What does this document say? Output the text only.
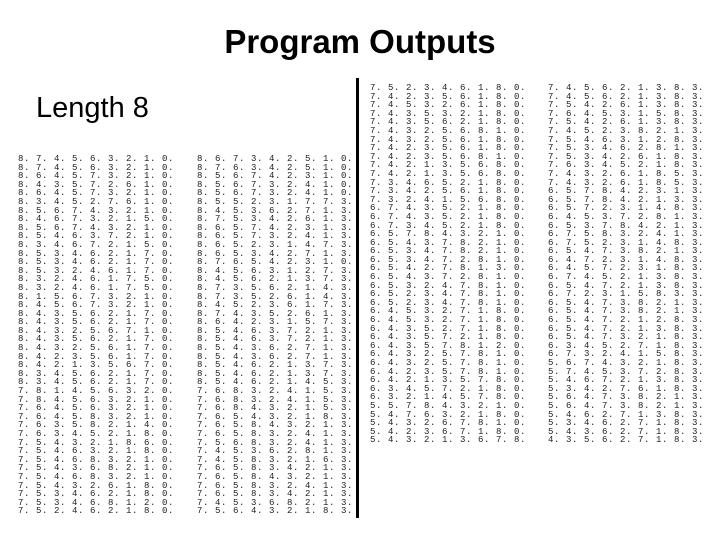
Program Outputs
Length 8
8. 7. 4. 5. 6. 3. 2. 1. 0.
8. 7. 4. 5. 6. 3. 2. 1. 0.
8. 6. 4. 5. 7. 3. 2. 1. 0.
8. 4. 3. 5. 7. 2. 6. 1. 0.
8. 6. 4. 5. 7. 3. 2. 1. 0.
8. 3. 4. 5. 2. 7. 6. 1. 0.
8. 5. 6. 7. 4. 3. 2. 1. 0.
8. 4. 6. 7. 3. 2. 1. 5. 0.
8. 5. 6. 7. 4. 3. 2. 1. 0.
8. 5. 4. 6. 3. 7. 2. 1. 0.
8. 3. 4. 6. 7. 2. 1. 5. 0.
8. 5. 3. 4. 6. 2. 1. 7. 0.
8. 5. 3. 4. 6. 2. 1. 7. 0.
8. 5. 3. 2. 4. 6. 1. 7. 0.
8. 3. 2. 4. 6. 1. 7. 5. 0.
8. 3. 2. 4. 6. 1. 7. 5. 0.
8. 1. 5. 6. 7. 3. 2. 1. 0.
8. 4. 5. 6. 7. 3. 2. 1. 0.
8. 4. 3. 5. 6. 2. 1. 7. 0.
8. 4. 3. 5. 6. 2. 1. 7. 0.
8. 4. 3. 2. 5. 6. 7. 1. 0.
8. 4. 3. 5. 6. 2. 1. 7. 0.
8. 4. 3. 2. 5. 6. 1. 7. 0.
8. 4. 2. 3. 5. 6. 1. 7. 0.
8. 4. 2. 1. 3. 5. 6. 7. 0.
8. 3. 4. 5. 6. 2. 1. 7. 0.
8. 3. 4. 5. 6. 2. 1. 7. 0.
7. 8. 1. 4. 5. 6. 3. 2. 0.
7. 8. 4. 5. 6. 3. 2. 1. 0.
7. 6. 4. 5. 6. 3. 2. 1. 0.
7. 6. 4. 5. 8. 3. 2. 1. 0.
7. 6. 3. 5. 8. 2. 1. 4. 0.
7. 6. 3. 4. 5. 2. 1. 8. 0.
7. 5. 4. 3. 2. 1. 8. 6. 0.
7. 5. 4. 6. 3. 2. 1. 8. 0.
7. 5. 4. 6. 8. 3. 2. 1. 0.
7. 5. 4. 3. 6. 8. 2. 1. 0.
7. 5. 4. 6. 8. 3. 2. 1. 0.
7. 5. 4. 3. 2. 6. 1. 8. 0.
7. 5. 3. 4. 6. 2. 1. 8. 0.
7. 5. 3. 4. 6. 8. 1. 2. 0.
7. 5. 2. 4. 6. 2. 1. 8. 0.
8. 6. 7. 3. 4. 2. 5. 1. 0.
8. 7. 6. 3. 4. 2. 5. 1. 0.
8. 5. 6. 7. 4. 2. 3. 1. 0.
8. 5. 6. 7. 3. 2. 4. 1. 0.
8. 5. 6. 7. 3. 2. 4. 1. 0.
8. 5. 5. 2. 3. 1. 7. 7. 3.
8. 4. 5. 3. 6. 2. 7. 1. 3.
8. 7. 5. 3. 4. 2. 6. 1. 3.
8. 6. 5. 7. 4. 2. 3. 1. 3.
8. 6. 5. 7. 3. 2. 4. 1. 3.
8. 6. 5. 2. 3. 1. 4. 7. 3.
8. 6. 5. 3. 4. 2. 7. 1. 3.
8. 7. 6. 5. 4. 2. 3. 1. 0.
8. 4. 5. 6. 3. 1. 2. 7. 3.
8. 4. 5. 6. 2. 1. 3. 7. 3.
8. 7. 3. 5. 6. 2. 1. 4. 3.
8. 7. 3. 5. 2. 6. 1. 4. 3.
8. 4. 5. 2. 3. 6. 1. 7. 3.
8. 7. 4. 3. 5. 2. 6. 1. 3.
8. 6. 4. 2. 3. 1. 5. 7. 3.
8. 5. 4. 6. 3. 7. 2. 1. 3.
8. 5. 4. 6. 3. 7. 2. 1. 3.
8. 5. 4. 3. 6. 2. 7. 1. 3.
8. 5. 4. 3. 6. 2. 7. 1. 3.
8. 5. 4. 6. 2. 1. 3. 7. 3.
8. 5. 4. 6. 2. 1. 3. 7. 3.
8. 5. 4. 6. 2. 1. 4. 5. 3.
7. 6. 8. 3. 2. 4. 1. 5. 3.
7. 6. 8. 3. 2. 4. 1. 5. 3.
7. 6. 8. 4. 3. 2. 1. 5. 3.
7. 6. 5. 4. 3. 2. 1. 8. 3.
7. 6. 5. 8. 4. 3. 2. 1. 3.
7. 6. 5. 8. 3. 2. 4. 1. 3.
7. 5. 6. 8. 3. 2. 4. 1. 3.
7. 4. 5. 3. 6. 2. 8. 1. 3.
7. 4. 5. 8. 3. 2. 1. 6. 3.
7. 6. 5. 8. 3. 4. 2. 1. 3.
7. 6. 5. 8. 4. 3. 2. 1. 3.
7. 6. 5. 8. 3. 2. 4. 1. 3.
7. 6. 5. 8. 3. 4. 2. 1. 3.
7. 4. 5. 3. 6. 8. 2. 1. 3.
7. 5. 6. 4. 3. 2. 1. 8. 3.
7. 5. 2. 3. 4. 6. 1. 8. 0.
7. 4. 2. 3. 5. 6. 1. 8. 0.
7. 4. 5. 3. 2. 6. 1. 8. 0.
7. 4. 3. 5. 3. 2. 1. 8. 0.
7. 4. 3. 5. 6. 2. 1. 8. 0.
7. 4. 3. 2. 5. 6. 8. 1. 0.
7. 4. 3. 2. 5. 6. 1. 8. 0.
7. 4. 2. 3. 5. 6. 1. 8. 0.
7. 4. 2. 3. 5. 6. 8. 1. 0.
7. 4. 2. 1. 3. 5. 6. 8. 0.
7. 4. 2. 1. 3. 5. 6. 8. 0.
7. 3. 4. 6. 5. 2. 1. 8. 0.
7. 3. 4. 2. 5. 6. 1. 8. 0.
7. 3. 2. 4. 1. 5. 6. 8. 0.
6. 7. 4. 3. 5. 2. 1. 8. 0.
6. 7. 4. 3. 5. 2. 1. 8. 0.
6. 7. 3. 4. 5. 2. 1. 8. 0.
6. 5. 7. 8. 4. 3. 2. 1. 0.
6. 5. 4. 3. 7. 8. 2. 1. 0.
6. 5. 3. 4. 7. 8. 2. 1. 0.
6. 5. 3. 4. 7. 2. 8. 1. 0.
6. 5. 4. 2. 7. 8. 1. 3. 0.
6. 5. 4. 3. 7. 2. 8. 1. 0.
6. 5. 3. 2. 4. 7. 8. 1. 0.
6. 5. 2. 3. 4. 7. 8. 1. 0.
6. 5. 2. 3. 4. 7. 8. 1. 0.
6. 4. 5. 3. 2. 7. 1. 8. 0.
6. 4. 5. 3. 2. 7. 1. 8. 0.
6. 4. 3. 5. 2. 7. 1. 8. 0.
6. 4. 3. 5. 7. 2. 1. 8. 0.
6. 4. 3. 5. 7. 8. 1. 2. 0.
6. 4. 3. 2. 5. 7. 8. 1. 0.
6. 4. 3. 2. 5. 7. 8. 1. 0.
6. 4. 2. 3. 5. 7. 8. 1. 0.
6. 4. 2. 1. 3. 5. 7. 8. 0.
6. 3. 4. 5. 7. 2. 1. 8. 0.
6. 3. 2. 1. 4. 5. 7. 8. 0.
5. 5. 7. 8. 4. 3. 2. 1. 0.
5. 4. 7. 6. 3. 2. 1. 8. 0.
5. 4. 3. 2. 6. 7. 8. 1. 0.
5. 4. 2. 3. 6. 7. 1. 8. 0.
5. 4. 3. 2. 1. 3. 6. 7. 8.
7. 4. 5. 6. 2. 1. 3. 8. 3.
7. 4. 5. 6. 2. 1. 3. 8. 3.
7. 5. 4. 2. 6. 1. 3. 8. 3.
7. 6. 4. 5. 3. 1. 5. 8. 3.
7. 5. 4. 2. 6. 1. 3. 8. 3.
7. 4. 5. 2. 3. 8. 2. 1. 3.
7. 5. 4. 6. 3. 1. 2. 8. 3.
7. 5. 3. 4. 6. 2. 8. 1. 3.
7. 5. 3. 4. 2. 6. 1. 8. 3.
7. 6. 3. 4. 5. 2. 1. 8. 3.
7. 4. 3. 2. 6. 1. 8. 5. 3.
7. 4. 3. 2. 6. 1. 8. 5. 3.
6. 5. 7. 8. 4. 2. 3. 1. 3.
6. 5. 7. 8. 4. 2. 1. 3. 3.
6. 5. 7. 2. 3. 1. 4. 8. 3.
6. 4. 5. 3. 7. 2. 8. 1. 3.
6. 5. 3. 7. 8. 4. 2. 1. 3.
6. 7. 5. 8. 3. 2. 4. 1. 3.
6. 7. 5. 2. 3. 1. 4. 8. 3.
6. 5. 4. 7. 3. 8. 2. 1. 3.
6. 4. 7. 2. 3. 1. 4. 8. 3.
6. 4. 5. 7. 2. 3. 1. 8. 3.
6. 7. 4. 5. 2. 1. 3. 8. 3.
6. 5. 4. 7. 2. 1. 3. 8. 3.
6. 7. 2. 3. 1. 5. 8. 3. 3.
6. 5. 4. 7. 3. 8. 2. 1. 3.
6. 5. 4. 7. 3. 8. 2. 1. 3.
6. 5. 4. 7. 2. 1. 2. 8. 3.
6. 5. 4. 7. 2. 1. 3. 8. 3.
6. 5. 4. 7. 3. 2. 1. 8. 3.
6. 3. 4. 5. 2. 7. 1. 8. 3.
6. 7. 3. 2. 4. 1. 5. 8. 3.
5. 6. 7. 4. 3. 2. 1. 8. 3.
5. 7. 4. 5. 3. 7. 2. 8. 3.
5. 4. 6. 7. 2. 1. 3. 8. 3.
5. 3. 4. 2. 7. 6. 1. 8. 3.
5. 6. 4. 7. 3. 8. 2. 1. 3.
5. 6. 4. 7. 3. 8. 2. 1. 3.
5. 4. 6. 2. 7. 1. 3. 8. 3.
5. 3. 4. 6. 2. 7. 1. 8. 3.
5. 4. 3. 6. 2. 7. 1. 8. 3.
4. 3. 5. 6. 2. 7. 1. 8. 3.
